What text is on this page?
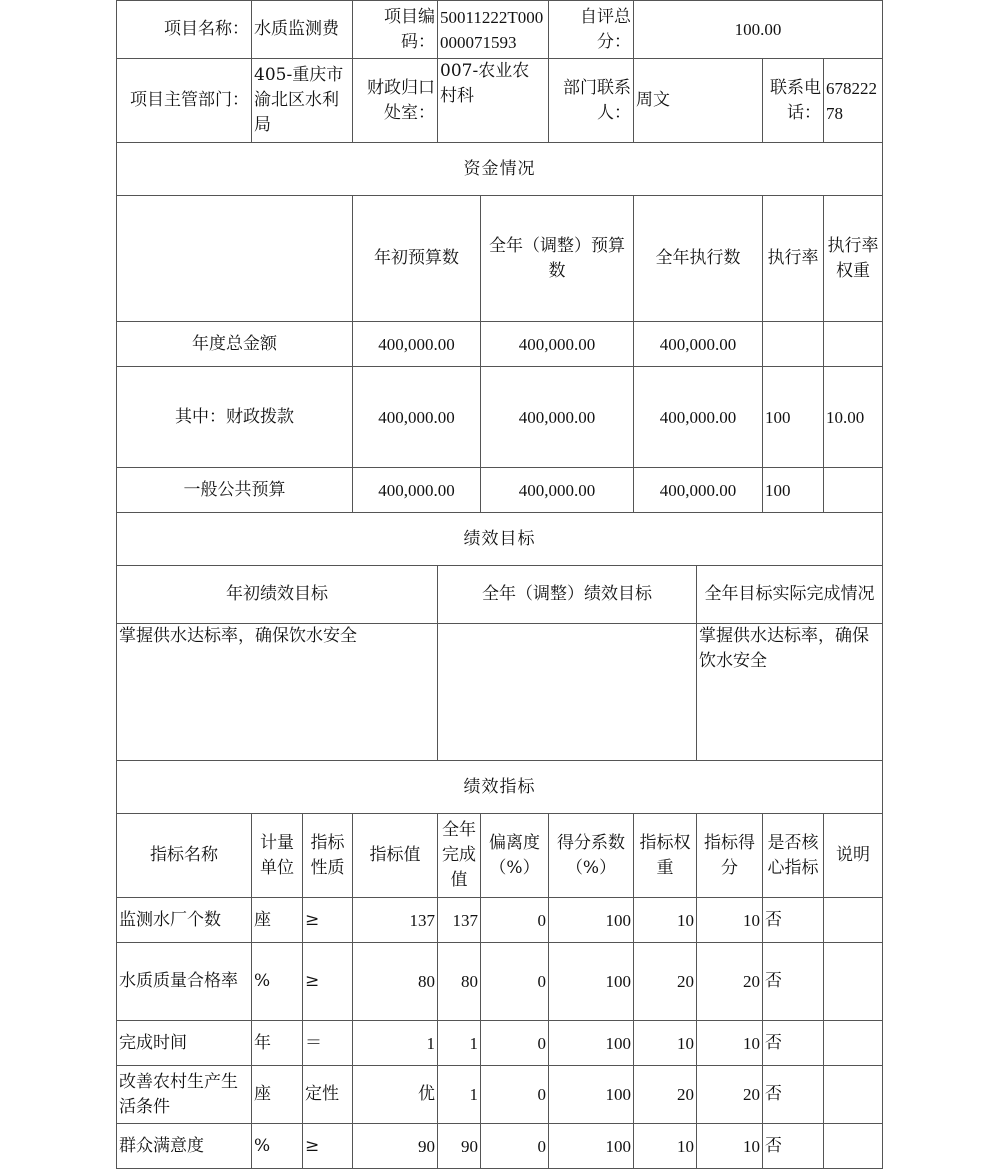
项目名称：	水质监测费		项目编码：	50011222T000000071593		自评总分：	100.00				
项目主管部门：	405-重庆市渝北区水利局		财政归口处室：	007-农业农村科		部门联系人：	周文		联系电话：	67822278	
资金情况											
			年初预算数		全年（调整）预算数		全年执行数		执行率	执行率权重	
年度总金额			400,000.00		400,000.00		400,000.00				
其中：财政拨款			400,000.00		400,000.00		400,000.00		100	10.00	
一般公共预算			400,000.00		400,000.00		400,000.00		100		
绩效目标											
年初绩效目标				全年（调整）绩效目标				全年目标实际完成情况			
掌握供水达标率，确保饮水安全								掌握供水达标率，确保饮水安全			
绩效指标											
指标名称	计量单位	指标性质	指标值	全年完成值	偏离度（%）	得分系数（%）	指标权重	指标得分	是否核心指标	说明	
监测水厂个数	座	≥	137	137	0	100	10	10	否		
水质质量合格率	%	≥	80	80	0	100	20	20	否		
完成时间	年	＝	1	1	0	100	10	10	否		
改善农村生产生活条件	座	定性	优	1	0	100	20	20	否		
群众满意度	%	≥	90	90	0	100	10	10	否		
